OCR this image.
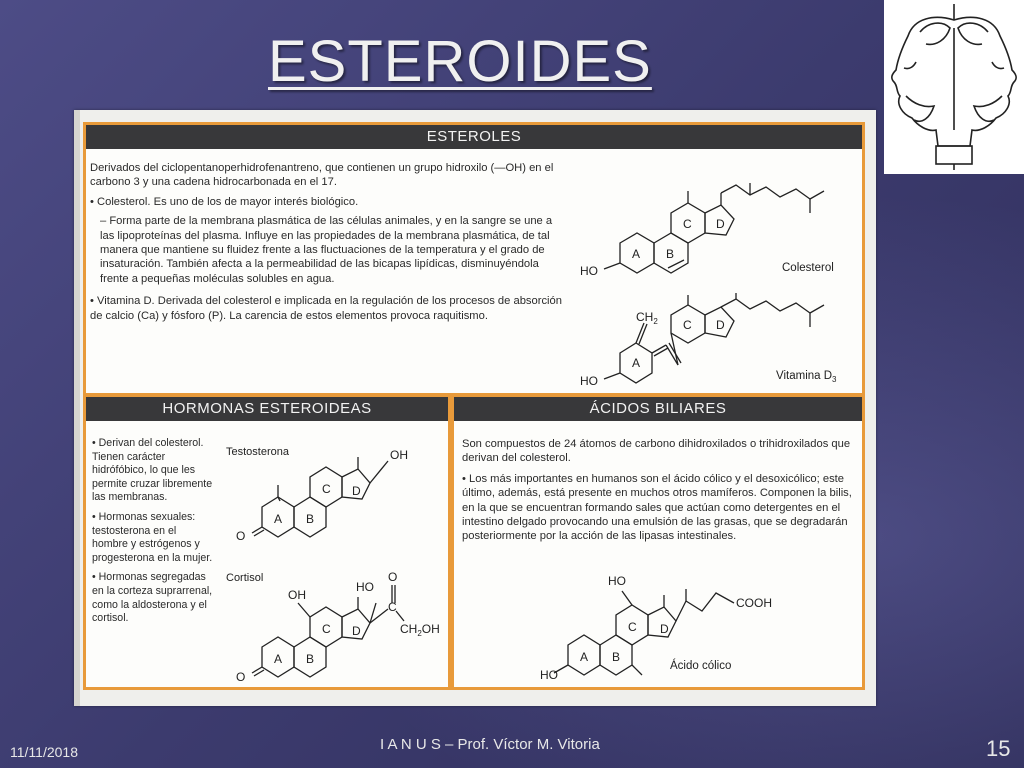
ESTEROIDES
ESTEROLES

Derivados del ciclopentanoperhidrofenantreno, que contienen un grupo hidroxilo (—OH) en el carbono 3 y una cadena hidrocarbonada en el 17.

• Colesterol. Es uno de los de mayor interés biológico.

– Forma parte de la membrana plasmática de las células animales, y en la sangre se une a las lipoproteínas del plasma. Influye en las propiedades de la membrana plasmática, de tal manera que mantiene su fluidez frente a las fluctuaciones de la temperatura y el grado de insaturación. También afecta a la permeabilidad de las bicapas lipídicas, disminuyéndola frente a pequeñas moléculas solubles en agua.

• Vitamina D. Derivada del colesterol e implicada en la regulación de los procesos de absorción de calcio (Ca) y fósforo (P). La carencia de estos elementos provoca raquitismo.

HO
A B
C D
Colesterol
$CH_2$
HO
A
C D
Vitamina $D_3$
HORMONAS ESTEROIDEAS

• Derivan del colesterol. Tienen carácter hidrófóbico, lo que les permite cruzar libremente las membranas.

• Hormonas sexuales: testosterona en el hombre y estrógenos y progesterona en la mujer.

• Hormonas segregadas en la corteza suprarrenal, como la aldosterona y el cortisol.

O
A B
C D
OH
Testosterona
O
A B
C D
OH
HO
O
C
$CH_2OH$
Cortisol
ÁCIDOS BILIARES

Son compuestos de 24 átomos de carbono dihidroxilados o trihidroxilados que derivan del colesterol.

• Los más importantes en humanos son el ácido cólico y el desoxicólico; este último, además, está presente en muchos otros mamíferos. Componen la bilis, en la que se encuentran formando sales que actúan como detergentes en el intestino delgado provocando una emulsión de las grasas, que se degradarán posteriormente por la acción de las lipasas intestinales.

HO
HO
A B
C D
COOH
Ácido cólico
11/11/2018	I A N U S – Prof. Víctor M. Vitoria	15
